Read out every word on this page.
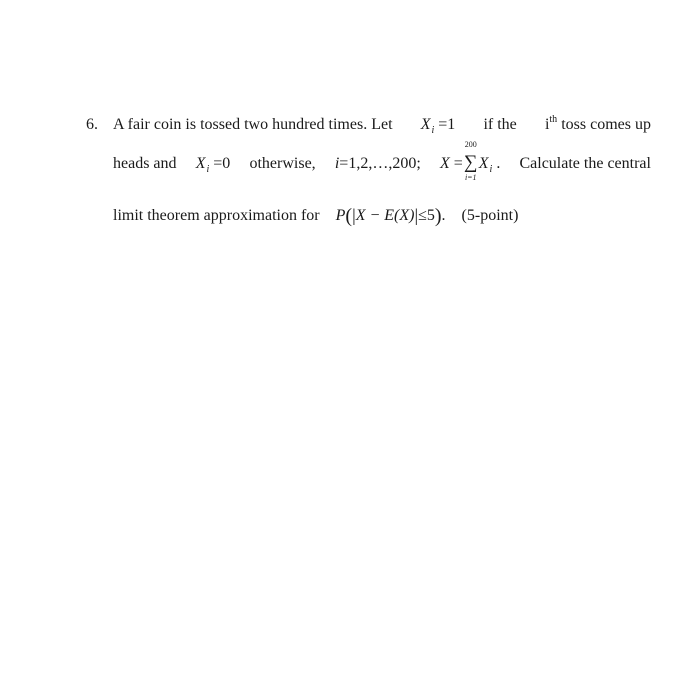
6. A fair coin is tossed two hundred times. Let $X_i =1$ if the $i^{th}$ toss comes up
heads and $X_i =0$ otherwise, i=1,2,…,200; X =
200
∑
i=1
$X_i$ . Calculate the central
limit theorem approximation for P(|X − E(X)|≤5). (5-point)
